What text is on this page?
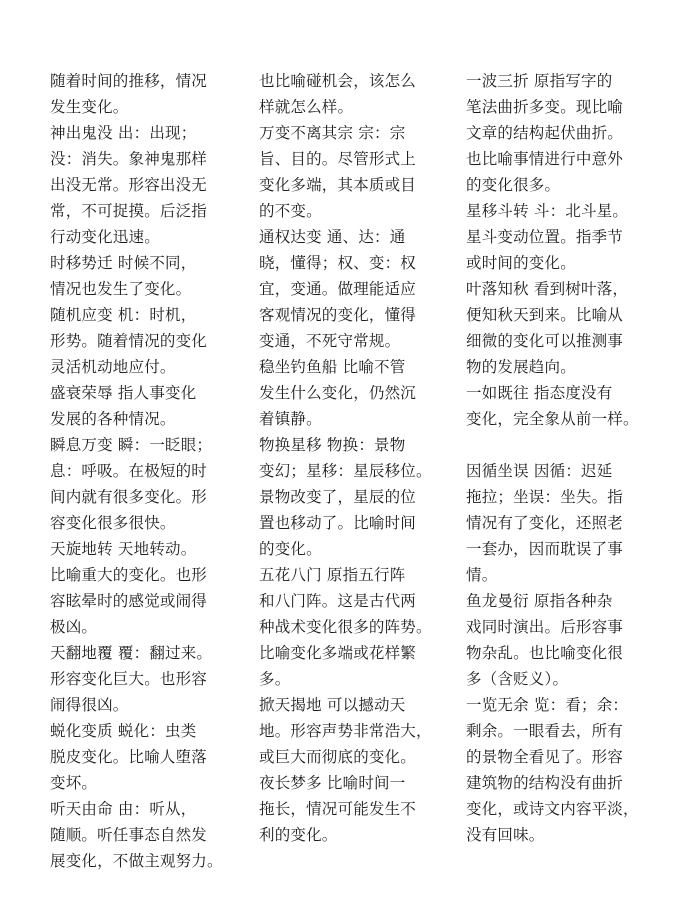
随着时间的推移，情况
发生变化。
神出鬼没 出：出现；
没：消失。象神鬼那样
出没无常。形容出没无
常，不可捉摸。后泛指
行动变化迅速。
时移势迁 时候不同，
情况也发生了变化。
随机应变 机：时机，
形势。随着情况的变化
灵活机动地应付。
盛衰荣辱 指人事变化
发展的各种情况。
瞬息万变 瞬：一眨眼；
息：呼吸。在极短的时
间内就有很多变化。形
容变化很多很快。
天旋地转 天地转动。
比喻重大的变化。也形
容眩晕时的感觉或闹得
极凶。
天翻地覆 覆：翻过来。
形容变化巨大。也形容
闹得很凶。
蜕化变质 蜕化：虫类
脱皮变化。比喻人堕落
变坏。
听天由命 由：听从，
随顺。听任事态自然发
展变化，不做主观努力。
也比喻碰机会，该怎么
样就怎么样。
万变不离其宗 宗：宗
旨、目的。尽管形式上
变化多端，其本质或目
的不变。
通权达变 通、达：通
晓，懂得；权、变：权
宜，变通。做理能适应
客观情况的变化，懂得
变通，不死守常规。
稳坐钓鱼船 比喻不管
发生什么变化，仍然沉
着镇静。
物换星移 物换：景物
变幻；星移：星辰移位。
景物改变了，星辰的位
置也移动了。比喻时间
的变化。
五花八门 原指五行阵
和八门阵。这是古代两
种战术变化很多的阵势。
比喻变化多端或花样繁
多。
掀天揭地 可以撼动天
地。形容声势非常浩大，
或巨大而彻底的变化。
夜长梦多 比喻时间一
拖长，情况可能发生不
利的变化。
一波三折 原指写字的
笔法曲折多变。现比喻
文章的结构起伏曲折。
也比喻事情进行中意外
的变化很多。
星移斗转 斗：北斗星。
星斗变动位置。指季节
或时间的变化。
叶落知秋 看到树叶落，
便知秋天到来。比喻从
细微的变化可以推测事
物的发展趋向。
一如既往 指态度没有
变化，完全象从前一样。
因循坐误 因循：迟延
拖拉；坐误：坐失。指
情况有了变化，还照老
一套办，因而耽误了事
情。
鱼龙曼衍 原指各种杂
戏同时演出。后形容事
物杂乱。也比喻变化很
多（含贬义）。
一览无余 览：看；余：
剩余。一眼看去，所有
的景物全看见了。形容
建筑物的结构没有曲折
变化，或诗文内容平淡，
没有回味。
